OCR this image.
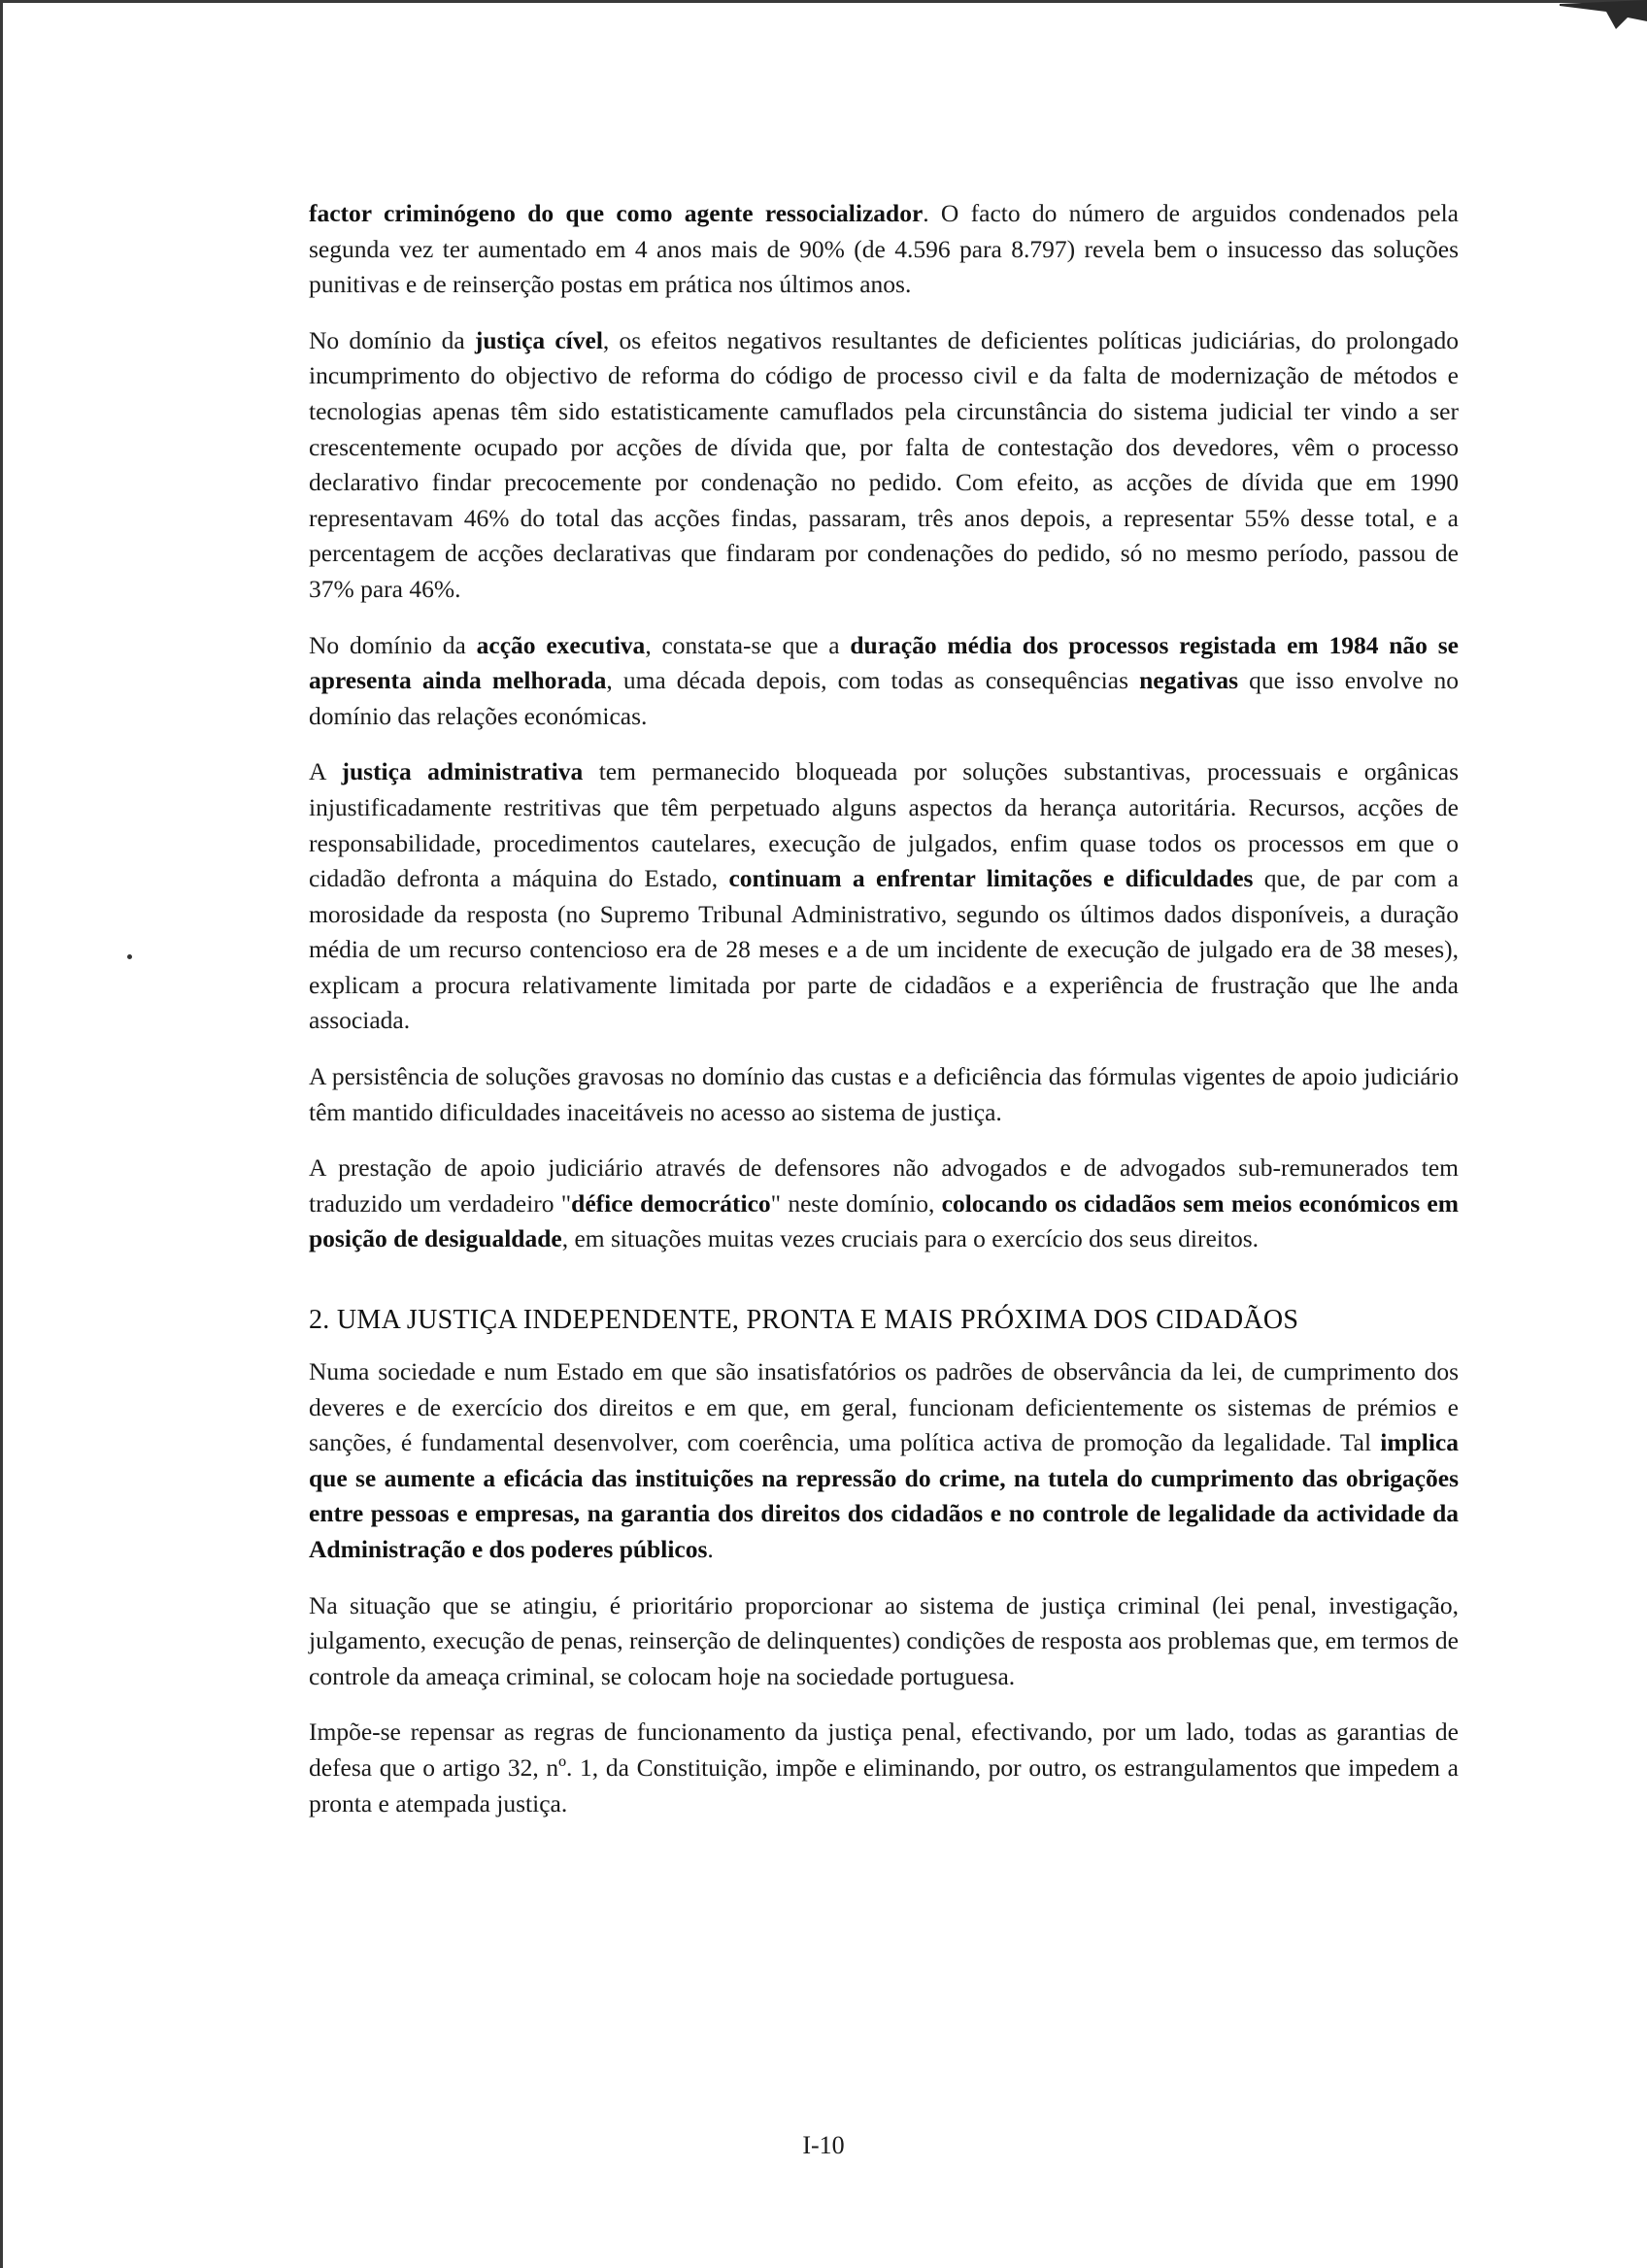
factor criminógeno do que como agente ressocializador. O facto do número de arguidos condenados pela segunda vez ter aumentado em 4 anos mais de 90% (de 4.596 para 8.797) revela bem o insucesso das soluções punitivas e de reinserção postas em prática nos últimos anos.

No domínio da justiça cível, os efeitos negativos resultantes de deficientes políticas judiciárias, do prolongado incumprimento do objectivo de reforma do código de processo civil e da falta de modernização de métodos e tecnologias apenas têm sido estatisticamente camuflados pela circunstância do sistema judicial ter vindo a ser crescentemente ocupado por acções de dívida que, por falta de contestação dos devedores, vêm o processo declarativo findar precocemente por condenação no pedido. Com efeito, as acções de dívida que em 1990 representavam 46% do total das acções findas, passaram, três anos depois, a representar 55% desse total, e a percentagem de acções declarativas que findaram por condenações do pedido, só no mesmo período, passou de 37% para 46%.

No domínio da acção executiva, constata-se que a duração média dos processos registada em 1984 não se apresenta ainda melhorada, uma década depois, com todas as consequências negativas que isso envolve no domínio das relações económicas.

A justiça administrativa tem permanecido bloqueada por soluções substantivas, processuais e orgânicas injustificadamente restritivas que têm perpetuado alguns aspectos da herança autoritária. Recursos, acções de responsabilidade, procedimentos cautelares, execução de julgados, enfim quase todos os processos em que o cidadão defronta a máquina do Estado, continuam a enfrentar limitações e dificuldades que, de par com a morosidade da resposta (no Supremo Tribunal Administrativo, segundo os últimos dados disponíveis, a duração média de um recurso contencioso era de 28 meses e a de um incidente de execução de julgado era de 38 meses), explicam a procura relativamente limitada por parte de cidadãos e a experiência de frustração que lhe anda associada.

A persistência de soluções gravosas no domínio das custas e a deficiência das fórmulas vigentes de apoio judiciário têm mantido dificuldades inaceitáveis no acesso ao sistema de justiça.

A prestação de apoio judiciário através de defensores não advogados e de advogados sub-remunerados tem traduzido um verdadeiro "défice democrático" neste domínio, colocando os cidadãos sem meios económicos em posição de desigualdade, em situações muitas vezes cruciais para o exercício dos seus direitos.

2. UMA JUSTIÇA INDEPENDENTE, PRONTA E MAIS PRÓXIMA DOS CIDADÃOS

Numa sociedade e num Estado em que são insatisfatórios os padrões de observância da lei, de cumprimento dos deveres e de exercício dos direitos e em que, em geral, funcionam deficientemente os sistemas de prémios e sanções, é fundamental desenvolver, com coerência, uma política activa de promoção da legalidade. Tal implica que se aumente a eficácia das instituições na repressão do crime, na tutela do cumprimento das obrigações entre pessoas e empresas, na garantia dos direitos dos cidadãos e no controle de legalidade da actividade da Administração e dos poderes públicos.

Na situação que se atingiu, é prioritário proporcionar ao sistema de justiça criminal (lei penal, investigação, julgamento, execução de penas, reinserção de delinquentes) condições de resposta aos problemas que, em termos de controle da ameaça criminal, se colocam hoje na sociedade portuguesa.

Impõe-se repensar as regras de funcionamento da justiça penal, efectivando, por um lado, todas as garantias de defesa que o artigo 32, nº. 1, da Constituição, impõe e eliminando, por outro, os estrangulamentos que impedem a pronta e atempada justiça.

I-10
